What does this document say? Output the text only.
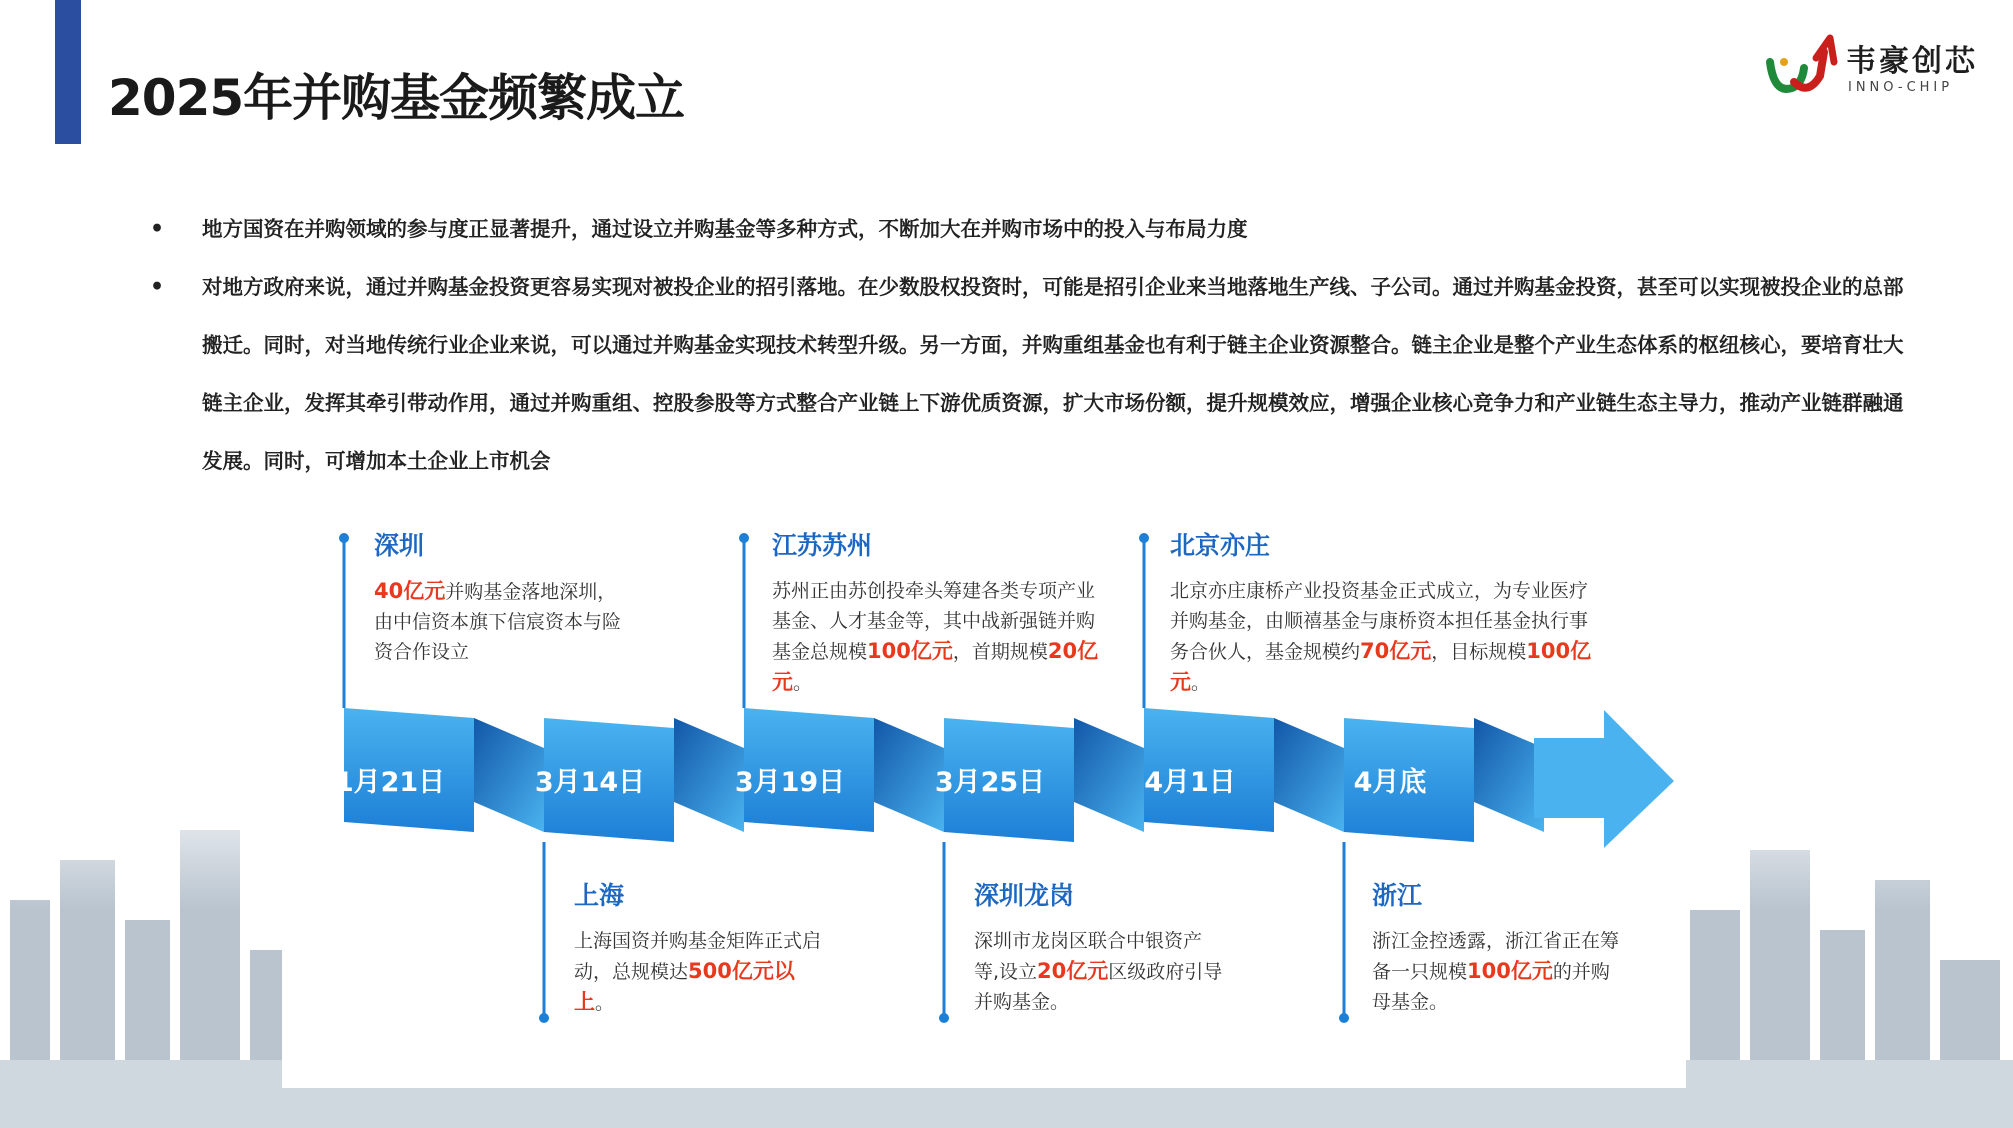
2025年并购基金频繁成立
韦豪创芯
INNO-CHIP
• 地方国资在并购领域的参与度正显著提升，通过设立并购基金等多种方式，不断加大在并购市场中的投入与布局力度
• 对地方政府来说，通过并购基金投资更容易实现对被投企业的招引落地。在少数股权投资时，可能是招引企业来当地落地生产线、子公司。通过并购基金投资，甚至可以实现被投企业的总部搬迁。同时，对当地传统行业企业来说，可以通过并购基金实现技术转型升级。另一方面，并购重组基金也有利于链主企业资源整合。链主企业是整个产业生态体系的枢纽核心，要培育壮大链主企业，发挥其牵引带动作用，通过并购重组、控股参股等方式整合产业链上下游优质资源，扩大市场份额，提升规模效应，增强企业核心竞争力和产业链生态主导力，推动产业链群融通发展。同时，可增加本土企业上市机会
1月21日	3月14日	3月19日	3月25日	4月1日	4月底
深圳
40亿元并购基金落地深圳，由中信资本旗下信宸资本与险资合作设立
江苏苏州
苏州正由苏创投牵头筹建各类专项产业基金、人才基金等，其中战新强链并购基金总规模100亿元，首期规模20亿元。
北京亦庄
北京亦庄康桥产业投资基金正式成立，为专业医疗并购基金，由顺禧基金与康桥资本担任基金执行事务合伙人，基金规模约70亿元，目标规模100亿元。
上海
上海国资并购基金矩阵正式启动，总规模达500亿元以上。
深圳龙岗
深圳市龙岗区联合中银资产等,设立20亿元区级政府引导并购基金。
浙江
浙江金控透露，浙江省正在筹备一只规模100亿元的并购母基金。
